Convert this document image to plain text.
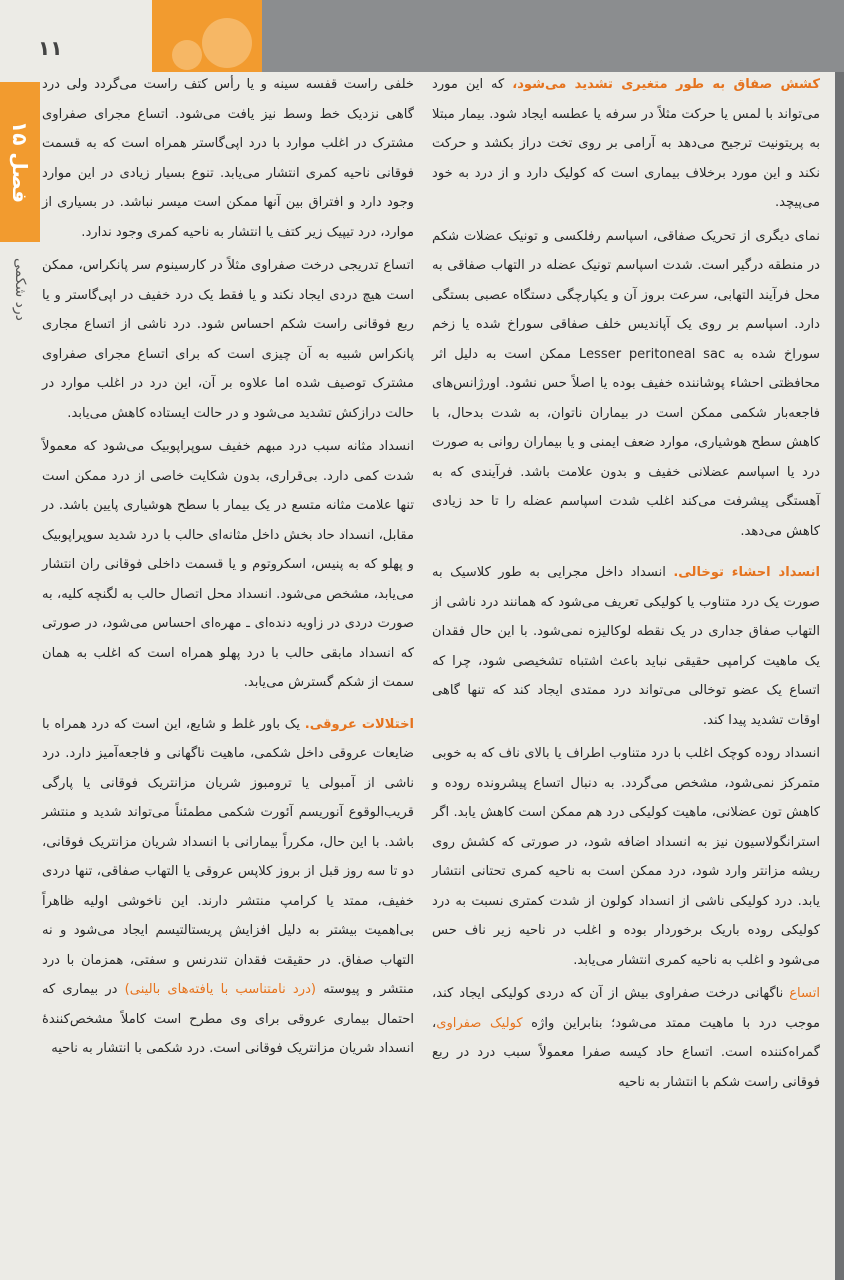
۱۱
فصل ۱۵
درد شکمی

کشش صفاق به طور متغیری تشدید می‌شود، که این مورد می‌تواند با لمس یا حرکت مثلاً در سرفه یا عطسه ایجاد شود. بیمار مبتلا به پریتونیت ترجیح می‌دهد به آرامی بر روی تخت دراز بکشد و حرکت نکند و این مورد برخلاف بیماری است که کولیک دارد و از درد به خود می‌پیچد.

نمای دیگری از تحریک صفاقی، اسپاسم رفلکسی و تونیک عضلات شکم در منطقه درگیر است. شدت اسپاسم تونیک عضله در التهاب صفاقی به محل فرآیند التهابی، سرعت بروز آن و یکپارچگی دستگاه عصبی بستگی دارد. اسپاسم بر روی یک آپاندیس خلف صفاقی سوراخ شده یا زخم سوراخ شده به Lesser peritoneal sac ممکن است به دلیل اثر محافظتی احشاء پوشاننده خفیف بوده یا اصلاً حس نشود. اورژانس‌های فاجعه‌بار شکمی ممکن است در بیماران ناتوان، به شدت بدحال، با کاهش سطح هوشیاری، موارد ضعف ایمنی و یا بیماران روانی به صورت درد یا اسپاسم عضلانی خفیف و بدون علامت باشد. فرآیندی که به آهستگی پیشرفت می‌کند اغلب شدت اسپاسم عضله را تا حد زیادی کاهش می‌دهد.

انسداد احشاء توخالی. انسداد داخل مجرایی به طور کلاسیک به صورت یک درد متناوب یا کولیکی تعریف می‌شود که همانند درد ناشی از التهاب صفاق جداری در یک نقطه لوکالیزه نمی‌شود. با این حال فقدان یک ماهیت کرامپی حقیقی نباید باعث اشتباه تشخیصی شود، چرا که اتساع یک عضو توخالی می‌تواند درد ممتدی ایجاد کند که تنها گاهی اوقات تشدید پیدا کند.

انسداد روده کوچک اغلب با درد متناوب اطراف یا بالای ناف که به خوبی متمرکز نمی‌شود، مشخص می‌گردد. به دنبال اتساع پیشرونده روده و کاهش تون عضلانی، ماهیت کولیکی درد هم ممکن است کاهش یابد. اگر استرانگولاسیون نیز به انسداد اضافه شود، در صورتی که کشش روی ریشه مزانتر وارد شود، درد ممکن است به ناحیه کمری تحتانی انتشار یابد. درد کولیکی ناشی از انسداد کولون از شدت کمتری نسبت به درد کولیکی روده باریک برخوردار بوده و اغلب در ناحیه زیر ناف حس می‌شود و اغلب به ناحیه کمری انتشار می‌یابد.

اتساع ناگهانی درخت صفراوی بیش از آن که دردی کولیکی ایجاد کند، موجب درد با ماهیت ممتد می‌شود؛ بنابراین واژه کولیک صفراوی، گمراه‌کننده است. اتساع حاد کیسه صفرا معمولاً سبب درد در ربع فوقانی راست شکم با انتشار به ناحیه

خلفی راست قفسه سینه و یا رأس کتف راست می‌گردد ولی درد گاهی نزدیک خط وسط نیز یافت می‌شود. اتساع مجرای صفراوی مشترک در اغلب موارد با درد اپی‌گاستر همراه است که به قسمت فوقانی ناحیه کمری انتشار می‌یابد. تنوع بسیار زیادی در این موارد وجود دارد و افتراق بین آنها ممکن است میسر نباشد. در بسیاری از موارد، درد تیپیک زیر کتف یا انتشار به ناحیه کمری وجود ندارد.

اتساع تدریجی درخت صفراوی مثلاً در کارسینوم سر پانکراس، ممکن است هیچ دردی ایجاد نکند و یا فقط یک درد خفیف در اپی‌گاستر و یا ربع فوقانی راست شکم احساس شود. درد ناشی از اتساع مجاری پانکراس شبیه به آن چیزی است که برای اتساع مجرای صفراوی مشترک توصیف شده اما علاوه بر آن، این درد در اغلب موارد در حالت درازکش تشدید می‌شود و در حالت ایستاده کاهش می‌یابد.

انسداد مثانه سبب درد مبهم خفیف سوپراپوبیک می‌شود که معمولاً شدت کمی دارد. بی‌قراری، بدون شکایت خاصی از درد ممکن است تنها علامت مثانه متسع در یک بیمار با سطح هوشیاری پایین باشد. در مقابل، انسداد حاد بخش داخل مثانه‌ای حالب با درد شدید سوپراپوبیک و پهلو که به پنیس، اسکروتوم و یا قسمت داخلی فوقانی ران انتشار می‌یابد، مشخص می‌شود. انسداد محل اتصال حالب به لگنچه کلیه، به صورت دردی در زاویه دنده‌ای ـ مهره‌ای احساس می‌شود، در صورتی که انسداد مابقی حالب با درد پهلو همراه است که اغلب به همان سمت از شکم گسترش می‌یابد.

اختلالات عروقی. یک باور غلط و شایع، این است که درد همراه با ضایعات عروقی داخل شکمی، ماهیت ناگهانی و فاجعه‌آمیز دارد. درد ناشی از آمبولی یا ترومبوز شریان مزانتریک فوقانی یا پارگی قریب‌الوقوع آنوریسم آئورت شکمی مطمئناً می‌تواند شدید و منتشر باشد. با این حال، مکرراً بیمارانی با انسداد شریان مزانتریک فوقانی، دو تا سه روز قبل از بروز کلاپس عروقی یا التهاب صفاقی، تنها دردی خفیف، ممتد یا کرامپ منتشر دارند. این ناخوشی اولیه ظاهراً بی‌اهمیت بیشتر به دلیل افزایش پریستالتیسم ایجاد می‌شود و نه التهاب صفاق. در حقیقت فقدان تندرنس و سفتی، همزمان با درد منتشر و پیوسته (درد نامتناسب با یافته‌های بالینی) در بیماری که احتمال بیماری عروقی برای وی مطرح است کاملاً مشخص‌کنندهٔ انسداد شریان مزانتریک فوقانی است. درد شکمی با انتشار به ناحیه
